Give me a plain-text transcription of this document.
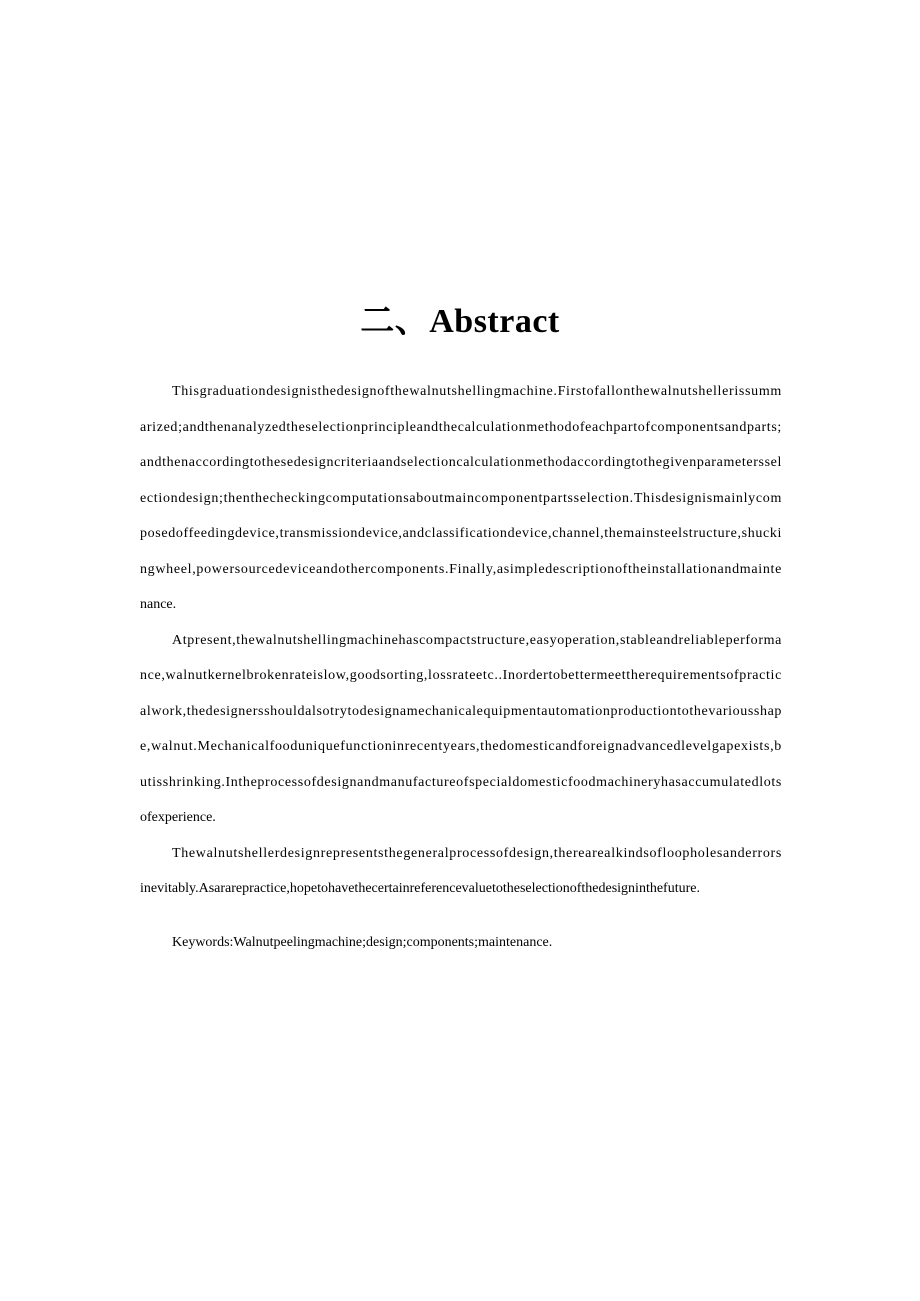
二、Abstract
Thisgraduationdesignisthedesignofthewalnutshellingmachine.Firstofallonthewalnutshellerissumm
arized;andthenanalyzedtheselectionprincipleandthecalculationmethodofeachpartofcomponentsandparts;
andthenaccordingtothesedesigncriteriaandselectioncalculationmethodaccordingtothegivenparameterssel
ectiondesign;thenthecheckingcomputationsaboutmaincomponentpartsselection.Thisdesignismainlycom
posedoffeedingdevice,transmissiondevice,andclassificationdevice,channel,themainsteelstructure,shucki
ngwheel,powersourcedeviceandothercomponents.Finally,asimpledescriptionoftheinstallationandmainte
nance.
Atpresent,thewalnutshellingmachinehascompactstructure,easyoperation,stableandreliableperforma
nce,walnutkernelbrokenrateislow,goodsorting,lossrateetc..Inordertobettermeettherequirementsofpractic
alwork,thedesignersshouldalsotrytodesignamechanicalequipmentautomationproductiontothevariousshap
e,walnut.Mechanicalfooduniquefunctioninrecentyears,thedomesticandforeignadvancedlevelgapexists,b
utisshrinking.Intheprocessofdesignandmanufactureofspecialdomesticfoodmachineryhasaccumulatedlots
ofexperience.
Thewalnutshellerdesignrepresentsthegeneralprocessofdesign,therearealkindsofloopholesanderrors
inevitably.Asararepractice,hopetohavethecertainreferencevaluetotheselectionofthedesigninthefuture.
Keywords:Walnutpeelingmachine;design;components;maintenance.
